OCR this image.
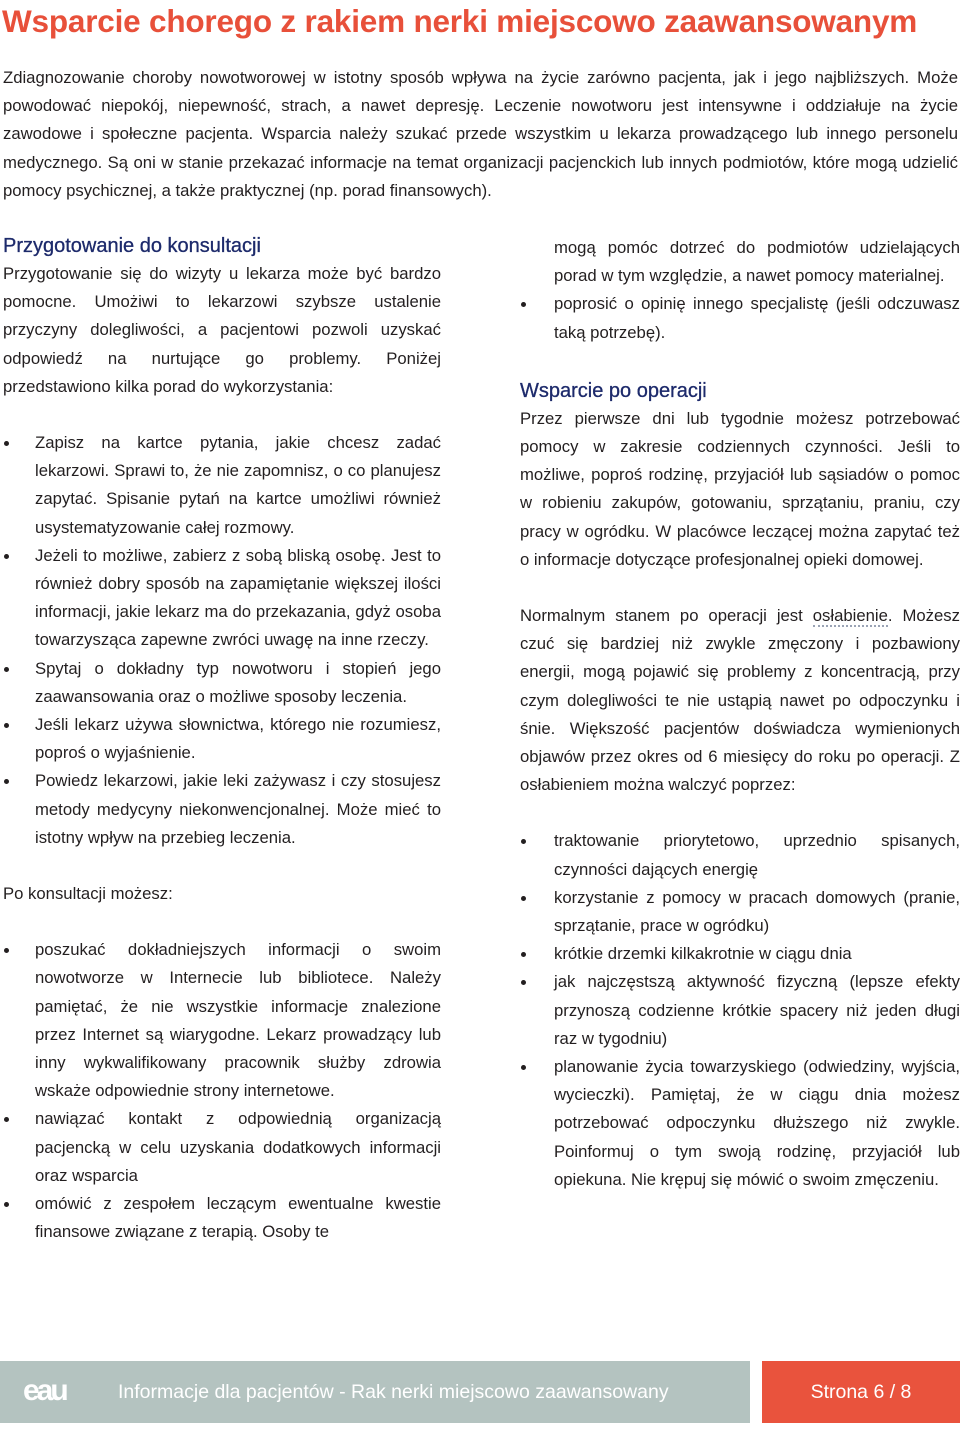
Wsparcie chorego z rakiem nerki miejscowo zaawansowanym

Zdiagnozowanie choroby nowotworowej w istotny sposób wpływa na życie zarówno pacjenta, jak i jego najbliższych. Może powodować niepokój, niepewność, strach, a nawet depresję. Leczenie nowotworu jest intensywne i oddziałuje na życie zawodowe i społeczne pacjenta. Wsparcia należy szukać przede wszystkim u lekarza prowadzącego lub innego personelu medycznego. Są oni w stanie przekazać informacje na temat organizacji pacjenckich lub innych podmiotów, które mogą udzielić pomocy psychicznej, a także praktycznej (np. porad finansowych).

Przygotowanie do konsultacji

Przygotowanie się do wizyty u lekarza może być bardzo pomocne. Umożiwi to lekarzowi szybsze ustalenie przyczyny dolegliwości, a pacjentowi pozwoli uzyskać odpowiedź na nurtujące go problemy. Poniżej przedstawiono kilka porad do wykorzystania:

Zapisz na kartce pytania, jakie chcesz zadać lekarzowi. Sprawi to, że nie zapomnisz, o co planujesz zapytać. Spisanie pytań na kartce umożliwi również usystematyzowanie całej rozmowy.
Jeżeli to możliwe, zabierz z sobą bliską osobę. Jest to również dobry sposób na zapamiętanie większej ilości informacji, jakie lekarz ma do przekazania, gdyż osoba towarzysząca zapewne zwróci uwagę na inne rzeczy.
Spytaj o dokładny typ nowotworu i stopień jego zaawansowania oraz o możliwe sposoby leczenia.
Jeśli lekarz używa słownictwa, którego nie rozumiesz, poproś o wyjaśnienie.
Powiedz lekarzowi, jakie leki zażywasz i czy stosujesz metody medycyny niekonwencjonalnej. Może mieć to istotny wpływ na przebieg leczenia.

Po konsultacji możesz:

poszukać dokładniejszych informacji o swoim nowotworze w Internecie lub bibliotece. Należy pamiętać, że nie wszystkie informacje znalezione przez Internet są wiarygodne. Lekarz prowadzący lub inny wykwalifikowany pracownik służby zdrowia wskaże odpowiednie strony internetowe.
nawiązać kontakt z odpowiednią organizacją pacjencką w celu uzyskania dodatkowych informacji oraz wsparcia
omówić z zespołem leczącym ewentualne kwestie finansowe związane z terapią. Osoby te
mogą pomóc dotrzeć do podmiotów udzielających porad w tym względzie, a nawet pomocy materialnej.
poprosić o opinię innego specjalistę (jeśli odczuwasz taką potrzebę).
Wsparcie po operacji

Przez pierwsze dni lub tygodnie możesz potrzebować pomocy w zakresie codziennych czynności. Jeśli to możliwe, poproś rodzinę, przyjaciół lub sąsiadów o pomoc w robieniu zakupów, gotowaniu, sprzątaniu, praniu, czy pracy w ogródku. W placówce leczącej można zapytać też o informacje dotyczące profesjonalnej opieki domowej.

Normalnym stanem po operacji jest osłabienie. Możesz czuć się bardziej niż zwykle zmęczony i pozbawiony energii, mogą pojawić się problemy z koncentracją, przy czym dolegliwości te nie ustąpią nawet po odpoczynku i śnie. Większość pacjentów doświadcza wymienionych objawów przez okres od 6 miesięcy do roku po operacji. Z osłabieniem można walczyć poprzez:

traktowanie priorytetowo, uprzednio spisanych, czynności dających energię
korzystanie z pomocy w pracach domowych (pranie, sprzątanie, prace w ogródku)
krótkie drzemki kilkakrotnie w ciągu dnia
jak najczęstszą aktywność fizyczną (lepsze efekty przynoszą codzienne krótkie spacery niż jeden długi raz w tygodniu)
planowanie życia towarzyskiego (odwiedziny, wyjścia, wycieczki). Pamiętaj, że w ciągu dnia możesz potrzebować odpoczynku dłuższego niż zwykle. Poinformuj o tym swoją rodzinę, przyjaciół lub opiekuna. Nie krępuj się mówić o swoim zmęczeniu.
eau	Informacje dla pacjentów - Rak nerki miejscowo zaawansowany	Strona 6 / 8
